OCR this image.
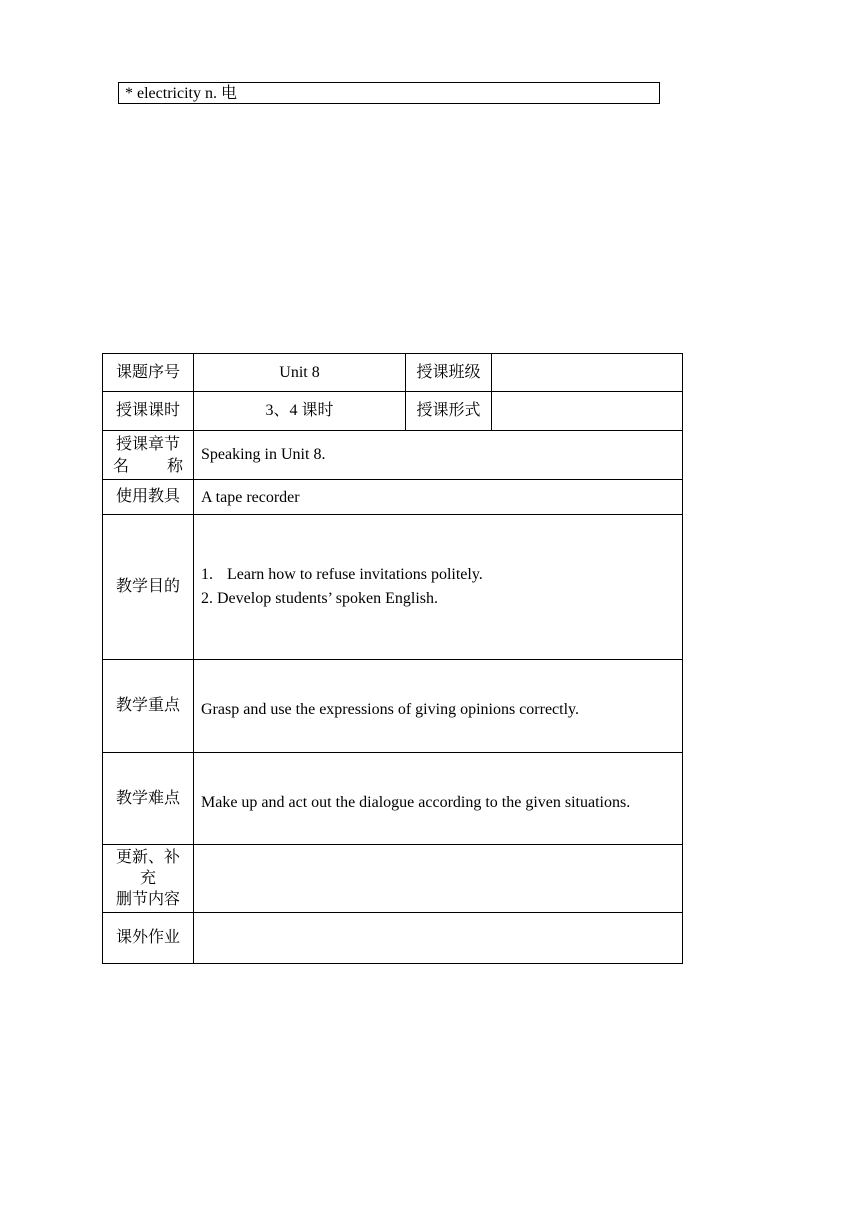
* electricity n. 电
课题序号	Unit 8	授课班级	
授课课时	3、4 课时	授课形式	

授课章节
名 称	Speaking in Unit 8.		
使用教具	A tape recorder		
教学目的	1. Learn how to refuse invitations politely.
2. Develop students’ spoken English.		

教学重点	Grasp and use the expressions of giving opinions correctly.		
教学难点	Make up and act out the dialogue according to the given situations.		

更新、补
充
删节内容			

课外作业			
